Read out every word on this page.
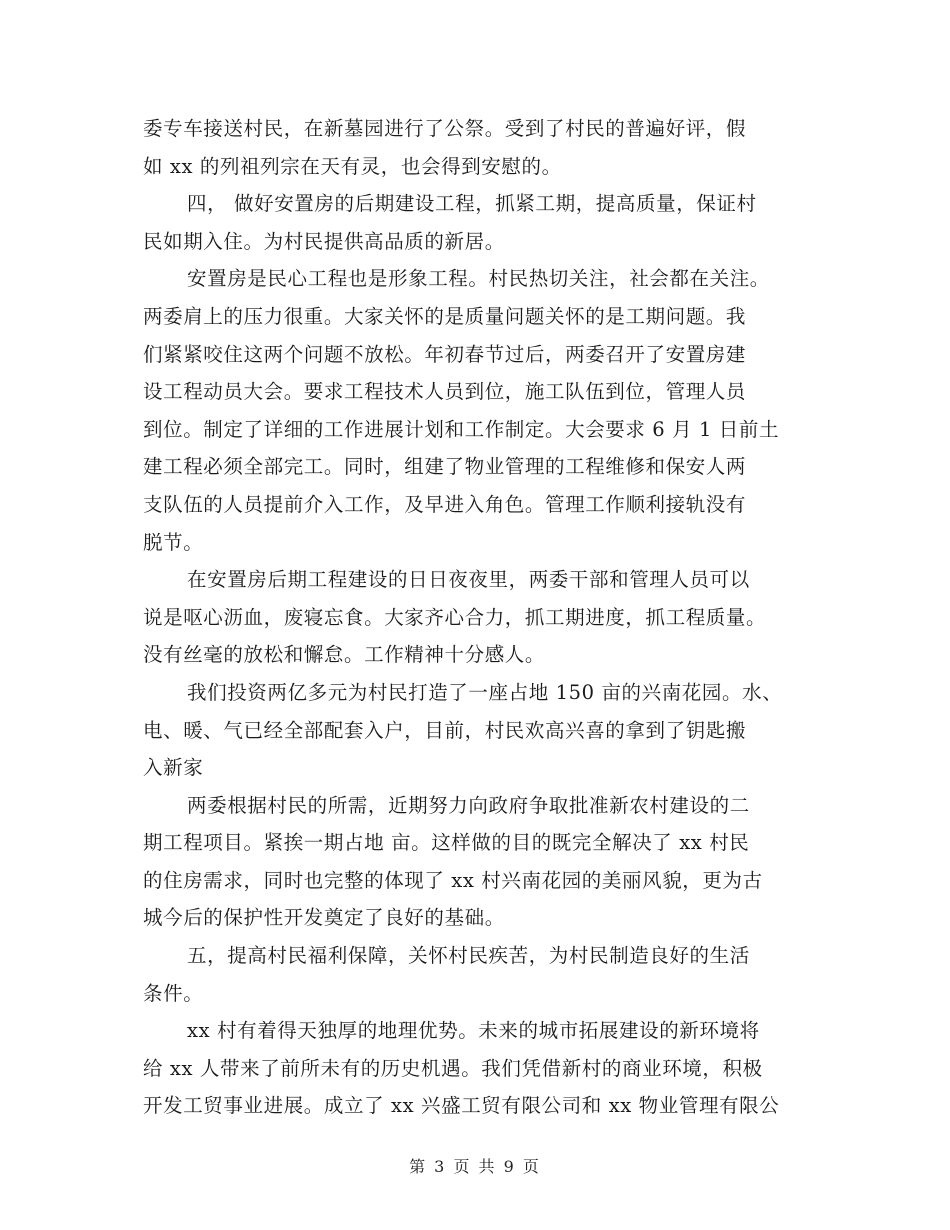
委专车接送村民，在新墓园进行了公祭。受到了村民的普遍好评，假
如 xx 的列祖列宗在天有灵，也会得到安慰的。
四， 做好安置房的后期建设工程，抓紧工期，提高质量，保证村
民如期入住。为村民提供高品质的新居。
安置房是民心工程也是形象工程。村民热切关注，社会都在关注。
两委肩上的压力很重。大家关怀的是质量问题关怀的是工期问题。我
们紧紧咬住这两个问题不放松。年初春节过后，两委召开了安置房建
设工程动员大会。要求工程技术人员到位，施工队伍到位，管理人员
到位。制定了详细的工作进展计划和工作制定。大会要求 6 月 1 日前土
建工程必须全部完工。同时，组建了物业管理的工程维修和保安人两
支队伍的人员提前介入工作，及早进入角色。管理工作顺利接轨没有
脱节。
在安置房后期工程建设的日日夜夜里，两委干部和管理人员可以
说是呕心沥血，废寝忘食。大家齐心合力，抓工期进度，抓工程质量。
没有丝毫的放松和懈怠。工作精神十分感人。
我们投资两亿多元为村民打造了一座占地 150 亩的兴南花园。水、
电、暖、气已经全部配套入户，目前，村民欢高兴喜的拿到了钥匙搬
入新家
两委根据村民的所需，近期努力向政府争取批准新农村建设的二
期工程项目。紧挨一期占地 亩。这样做的目的既完全解决了 xx 村民
的住房需求，同时也完整的体现了 xx 村兴南花园的美丽风貌，更为古
城今后的保护性开发奠定了良好的基础。
五，提高村民福利保障，关怀村民疾苦，为村民制造良好的生活
条件。
xx 村有着得天独厚的地理优势。未来的城市拓展建设的新环境将
给 xx 人带来了前所未有的历史机遇。我们凭借新村的商业环境，积极
开发工贸事业进展。成立了 xx 兴盛工贸有限公司和 xx 物业管理有限公
第 3 页 共 9 页
